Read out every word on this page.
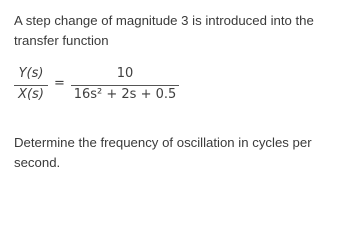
A step change of magnitude 3 is introduced into the transfer function
Y(s)
X(s)
=
10
16s² + 2s + 0.5
Determine the frequency of oscillation in cycles per second.
